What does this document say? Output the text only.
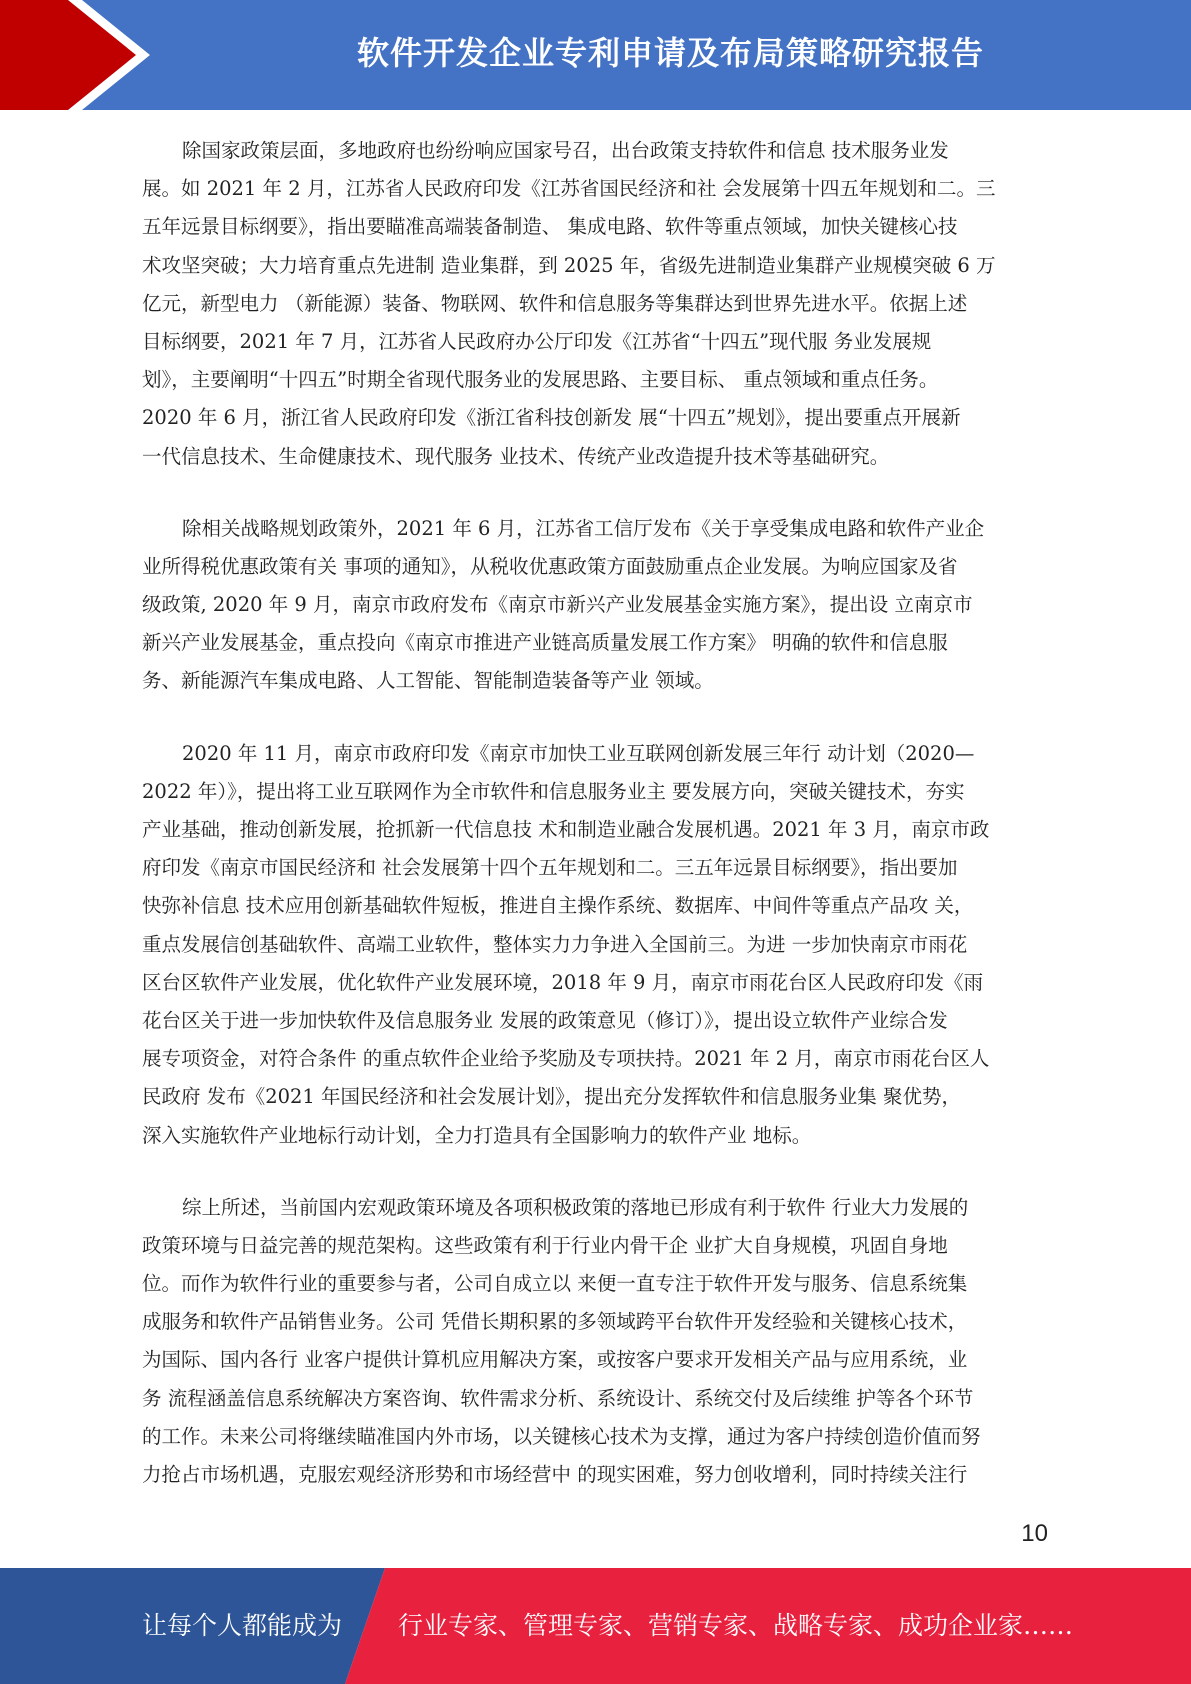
软件开发企业专利申请及布局策略研究报告
除国家政策层面，多地政府也纷纷响应国家号召，出台政策支持软件和信息 技术服务业发
展。如 2021 年 2 月，江苏省人民政府印发《江苏省国民经济和社 会发展第十四五年规划和二。三
五年远景目标纲要》，指出要瞄准高端装备制造、 集成电路、软件等重点领域，加快关键核心技
术攻坚突破；大力培育重点先进制 造业集群，到 2025 年，省级先进制造业集群产业规模突破 6 万
亿元，新型电力 （新能源）装备、物联网、软件和信息服务等集群达到世界先进水平。依据上述
目标纲要，2021 年 7 月，江苏省人民政府办公厅印发《江苏省“十四五”现代服 务业发展规
划》，主要阐明“十四五”时期全省现代服务业的发展思路、主要目标、 重点领域和重点任务。
2020 年 6 月，浙江省人民政府印发《浙江省科技创新发 展“十四五”规划》，提出要重点开展新
一代信息技术、生命健康技术、现代服务 业技术、传统产业改造提升技术等基础研究。
除相关战略规划政策外，2021 年 6 月，江苏省工信厅发布《关于享受集成电路和软件产业企
业所得税优惠政策有关 事项的通知》，从税收优惠政策方面鼓励重点企业发展。为响应国家及省
级政策, 2020 年 9 月，南京市政府发布《南京市新兴产业发展基金实施方案》，提出设 立南京市
新兴产业发展基金，重点投向《南京市推进产业链高质量发展工作方案》 明确的软件和信息服
务、新能源汽车集成电路、人工智能、智能制造装备等产业 领域。
2020 年 11 月，南京市政府印发《南京市加快工业互联网创新发展三年行 动计划（2020—
2022 年）》，提出将工业互联网作为全市软件和信息服务业主 要发展方向，突破关键技术，夯实
产业基础，推动创新发展，抢抓新一代信息技 术和制造业融合发展机遇。2021 年 3 月，南京市政
府印发《南京市国民经济和 社会发展第十四个五年规划和二。三五年远景目标纲要》，指出要加
快弥补信息 技术应用创新基础软件短板，推进自主操作系统、数据库、中间件等重点产品攻 关，
重点发展信创基础软件、高端工业软件，整体实力力争进入全国前三。为进 一步加快南京市雨花
区台区软件产业发展，优化软件产业发展环境，2018 年 9 月，南京市雨花台区人民政府印发《雨
花台区关于进一步加快软件及信息服务业 发展的政策意见（修订）》，提出设立软件产业综合发
展专项资金，对符合条件 的重点软件企业给予奖励及专项扶持。2021 年 2 月，南京市雨花台区人
民政府 发布《2021 年国民经济和社会发展计划》，提出充分发挥软件和信息服务业集 聚优势，
深入实施软件产业地标行动计划，全力打造具有全国影响力的软件产业 地标。
综上所述，当前国内宏观政策环境及各项积极政策的落地已形成有利于软件 行业大力发展的
政策环境与日益完善的规范架构。这些政策有利于行业内骨干企 业扩大自身规模，巩固自身地
位。而作为软件行业的重要参与者，公司自成立以 来便一直专注于软件开发与服务、信息系统集
成服务和软件产品销售业务。公司 凭借长期积累的多领域跨平台软件开发经验和关键核心技术，
为国际、国内各行 业客户提供计算机应用解决方案，或按客户要求开发相关产品与应用系统，业
务 流程涵盖信息系统解决方案咨询、软件需求分析、系统设计、系统交付及后续维 护等各个环节
的工作。未来公司将继续瞄准国内外市场，以关键核心技术为支撑，通过为客户持续创造价值而努
力抢占市场机遇，克服宏观经济形势和市场经营中 的现实困难，努力创收增利，同时持续关注行
10
让每个人都能成为 行业专家、管理专家、营销专家、战略专家、成功企业家……
